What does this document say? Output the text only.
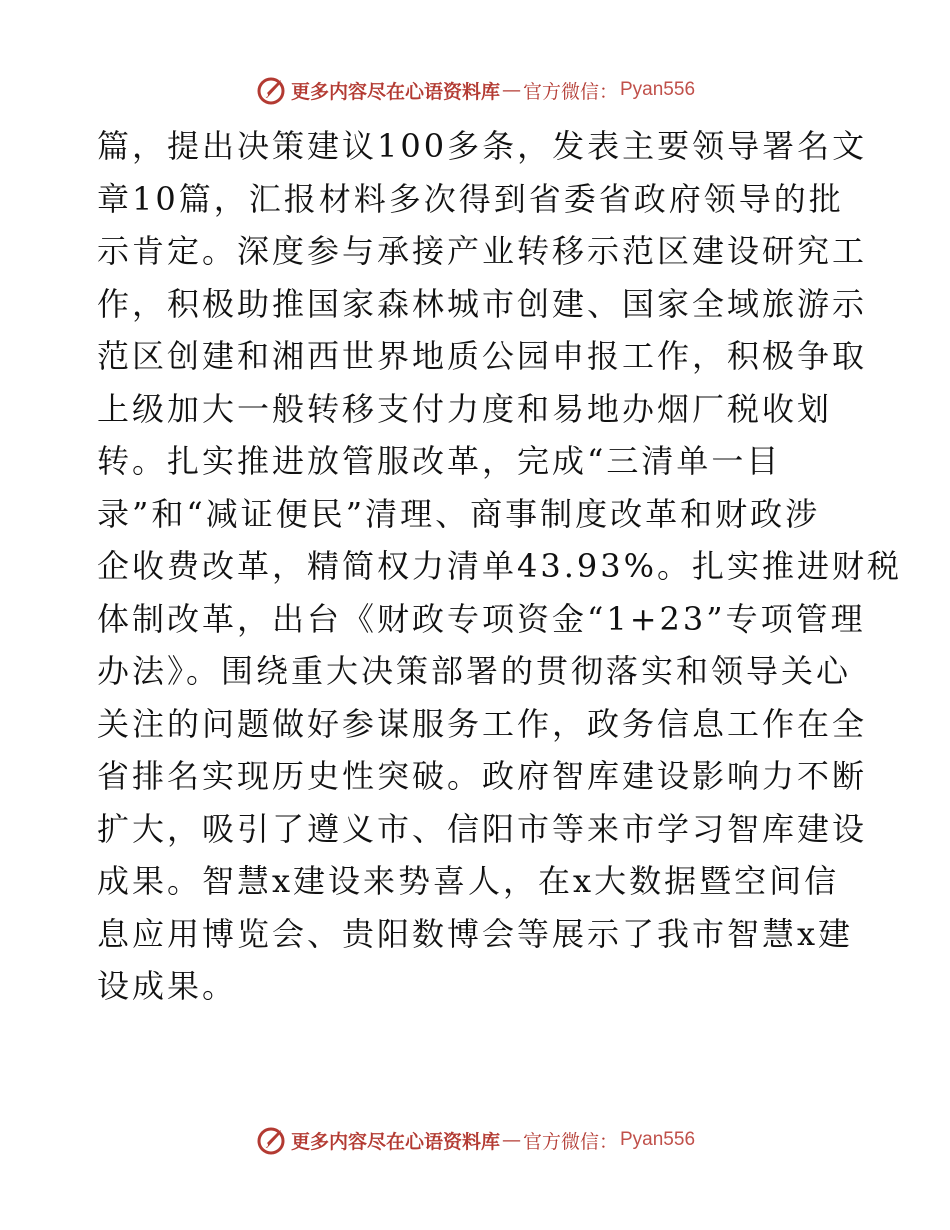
更多内容尽在心语资料库 — 官方微信： Pyan556
篇，提出决策建议100多条，发表主要领导署名文
章10篇，汇报材料多次得到省委省政府领导的批
示肯定。深度参与承接产业转移示范区建设研究工
作，积极助推国家森林城市创建、国家全域旅游示
范区创建和湘西世界地质公园申报工作，积极争取
上级加大一般转移支付力度和易地办烟厂税收划
转。扎实推进放管服改革，完成“三清单一目
录”和“减证便民”清理、商事制度改革和财政涉
企收费改革，精简权力清单43.93%。扎实推进财税
体制改革，出台《财政专项资金“1+23”专项管理
办法》。围绕重大决策部署的贯彻落实和领导关心
关注的问题做好参谋服务工作，政务信息工作在全
省排名实现历史性突破。政府智库建设影响力不断
扩大，吸引了遵义市、信阳市等来市学习智库建设
成果。智慧x建设来势喜人，在x大数据暨空间信
息应用博览会、贵阳数博会等展示了我市智慧x建
设成果。
更多内容尽在心语资料库 — 官方微信： Pyan556
